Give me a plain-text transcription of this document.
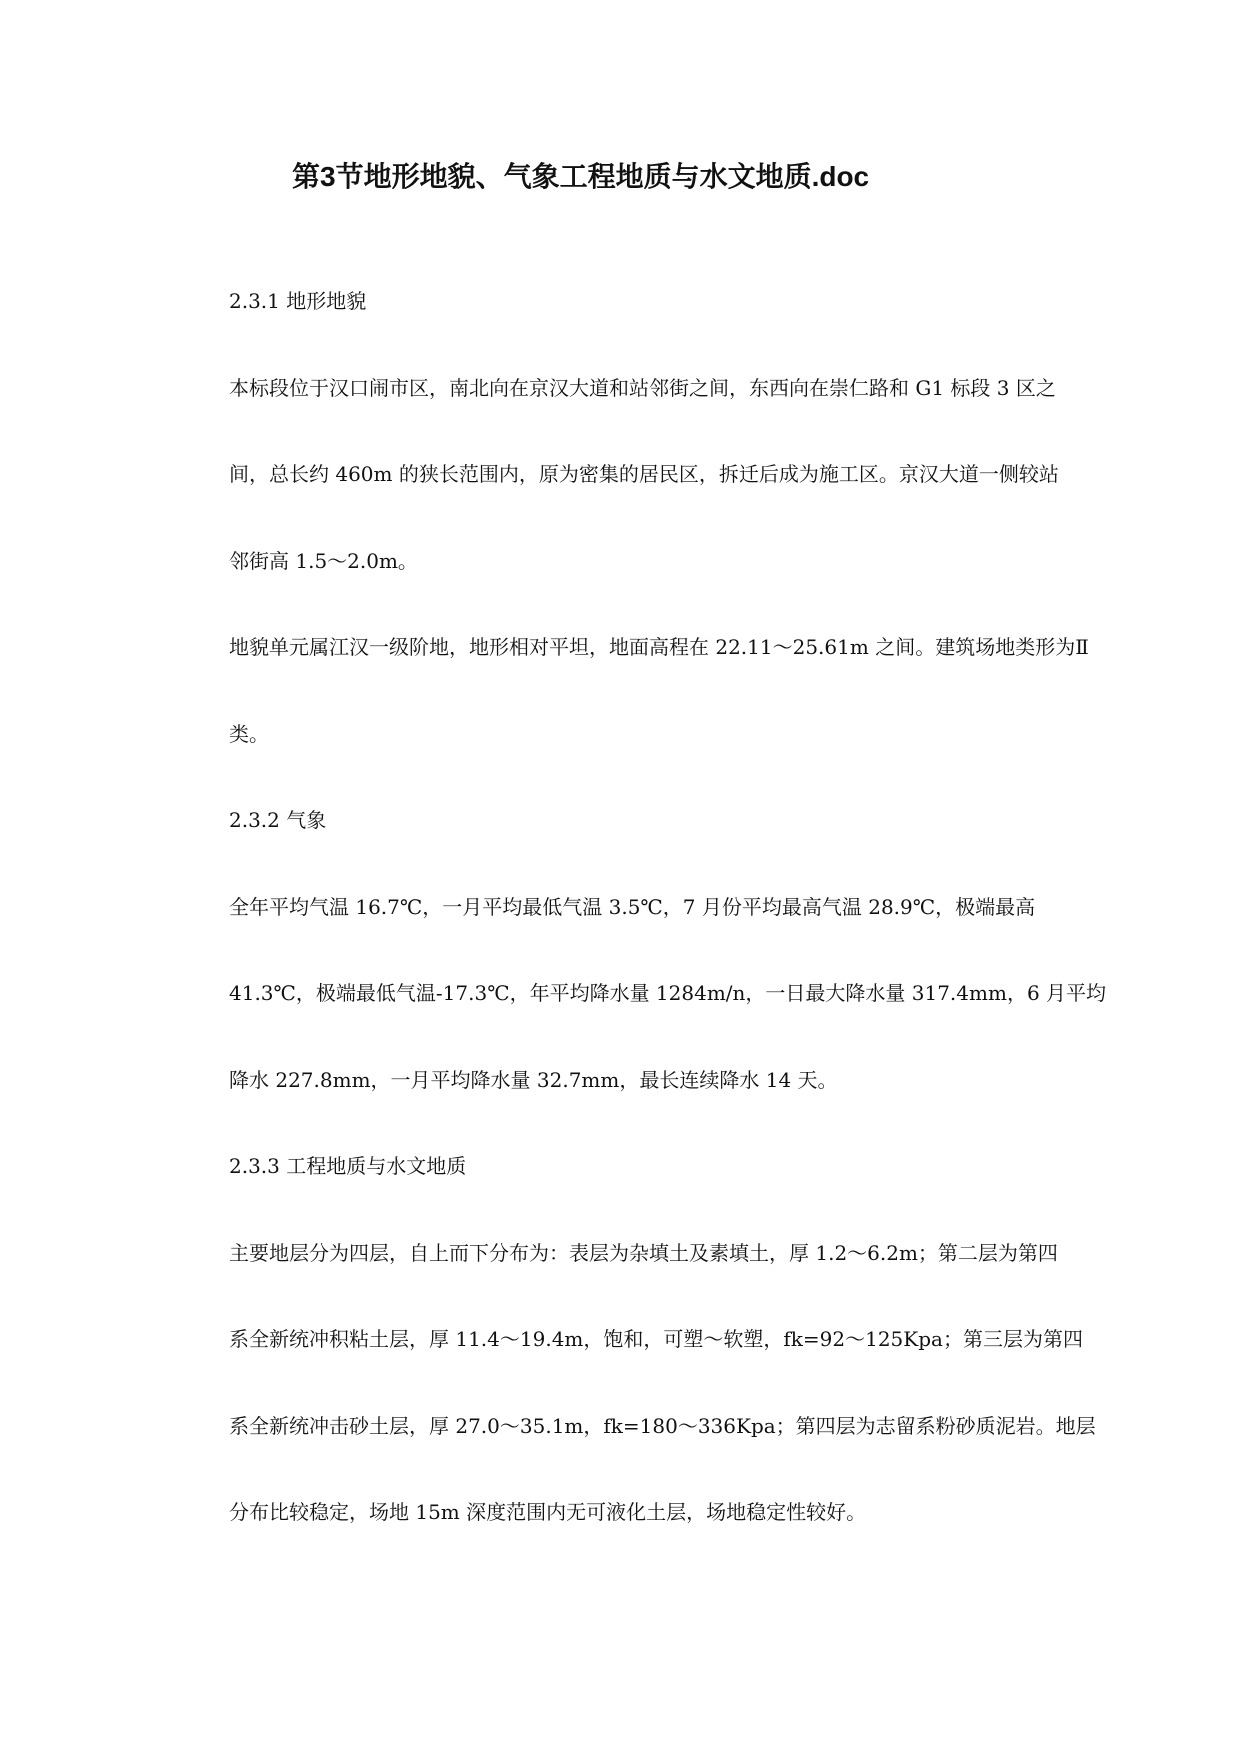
第3节地形地貌、气象工程地质与水文地质.doc

2.3.1 地形地貌

本标段位于汉口闹市区，南北向在京汉大道和站邻街之间，东西向在崇仁路和 G1 标段 3 区之

间，总长约 460m 的狭长范围内，原为密集的居民区，拆迁后成为施工区。京汉大道一侧较站

邻街高 1.5～2.0m。

地貌单元属江汉一级阶地，地形相对平坦，地面高程在 22.11～25.61m 之间。建筑场地类形为Ⅱ

类。

2.3.2 气象

全年平均气温 16.7℃，一月平均最低气温 3.5℃，7 月份平均最高气温 28.9℃，极端最高

41.3℃，极端最低气温-17.3℃，年平均降水量 1284m/n，一日最大降水量 317.4mm，6 月平均

降水 227.8mm，一月平均降水量 32.7mm，最长连续降水 14 天。

2.3.3 工程地质与水文地质

主要地层分为四层，自上而下分布为：表层为杂填土及素填土，厚 1.2～6.2m；第二层为第四

系全新统冲积粘土层，厚 11.4～19.4m，饱和，可塑～软塑，fk=92～125Kpa；第三层为第四

系全新统冲击砂土层，厚 27.0～35.1m，fk=180～336Kpa；第四层为志留系粉砂质泥岩。地层

分布比较稳定，场地 15m 深度范围内无可液化土层，场地稳定性较好。
